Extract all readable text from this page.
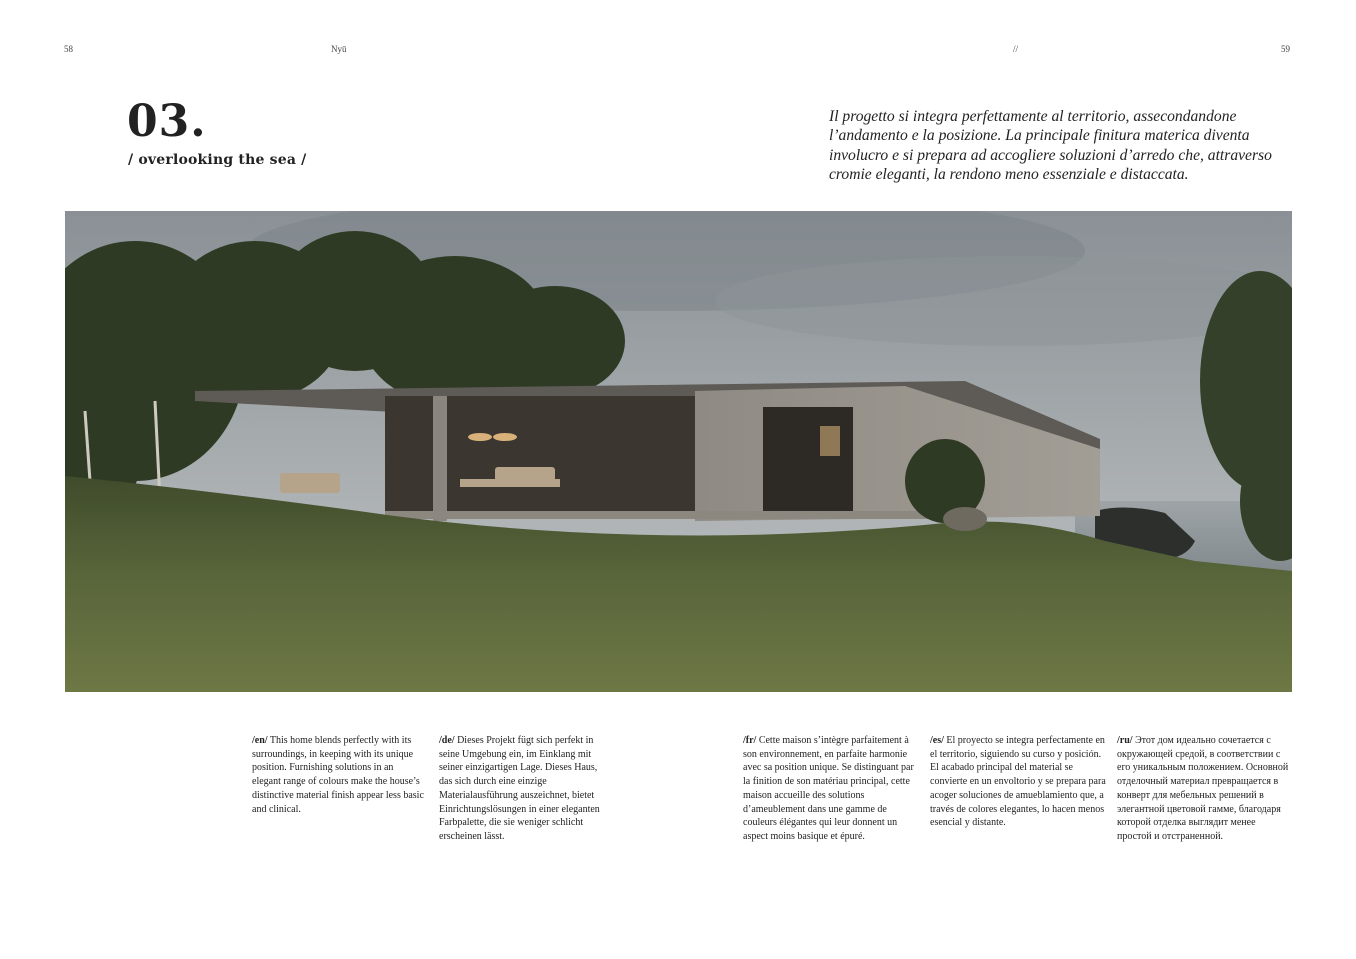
58	Nyū	//	59
03.
/ overlooking the sea /

Il progetto si integra perfettamente al territorio, assecondandone l’andamento e la posizione. La principale finitura materica diventa involucro e si prepara ad accogliere soluzioni d’arredo che, attraverso cromie eleganti, la rendono meno essenziale e distaccata.

/en/ This home blends perfectly with its surroundings, in keeping with its unique position. Furnishing solutions in an elegant range of colours make the house’s distinctive material finish appear less basic and clinical.

/de/ Dieses Projekt fügt sich perfekt in seine Umgebung ein, im Einklang mit seiner einzigartigen Lage. Dieses Haus, das sich durch eine einzige Materialausführung auszeichnet, bietet Einrichtungslösungen in einer eleganten Farbpalette, die sie weniger schlicht erscheinen lässt.

/fr/ Cette maison s’intègre parfaitement à son environnement, en parfaite harmonie avec sa position unique. Se distinguant par la finition de son matériau principal, cette maison accueille des solutions d’ameublement dans une gamme de couleurs élégantes qui leur donnent un aspect moins basique et épuré.

/es/ El proyecto se integra perfectamente en el territorio, siguiendo su curso y posición. El acabado principal del material se convierte en un envoltorio y se prepara para acoger soluciones de amueblamiento que, a través de colores elegantes, lo hacen menos esencial y distante.

/ru/ Этот дом идеально сочетается с окружающей средой, в соответствии с его уникальным положением. Основной отделочный материал превращается в конверт для мебельных решений в элегантной цветовой гамме, благодаря которой отделка выглядит менее простой и отстраненной.
